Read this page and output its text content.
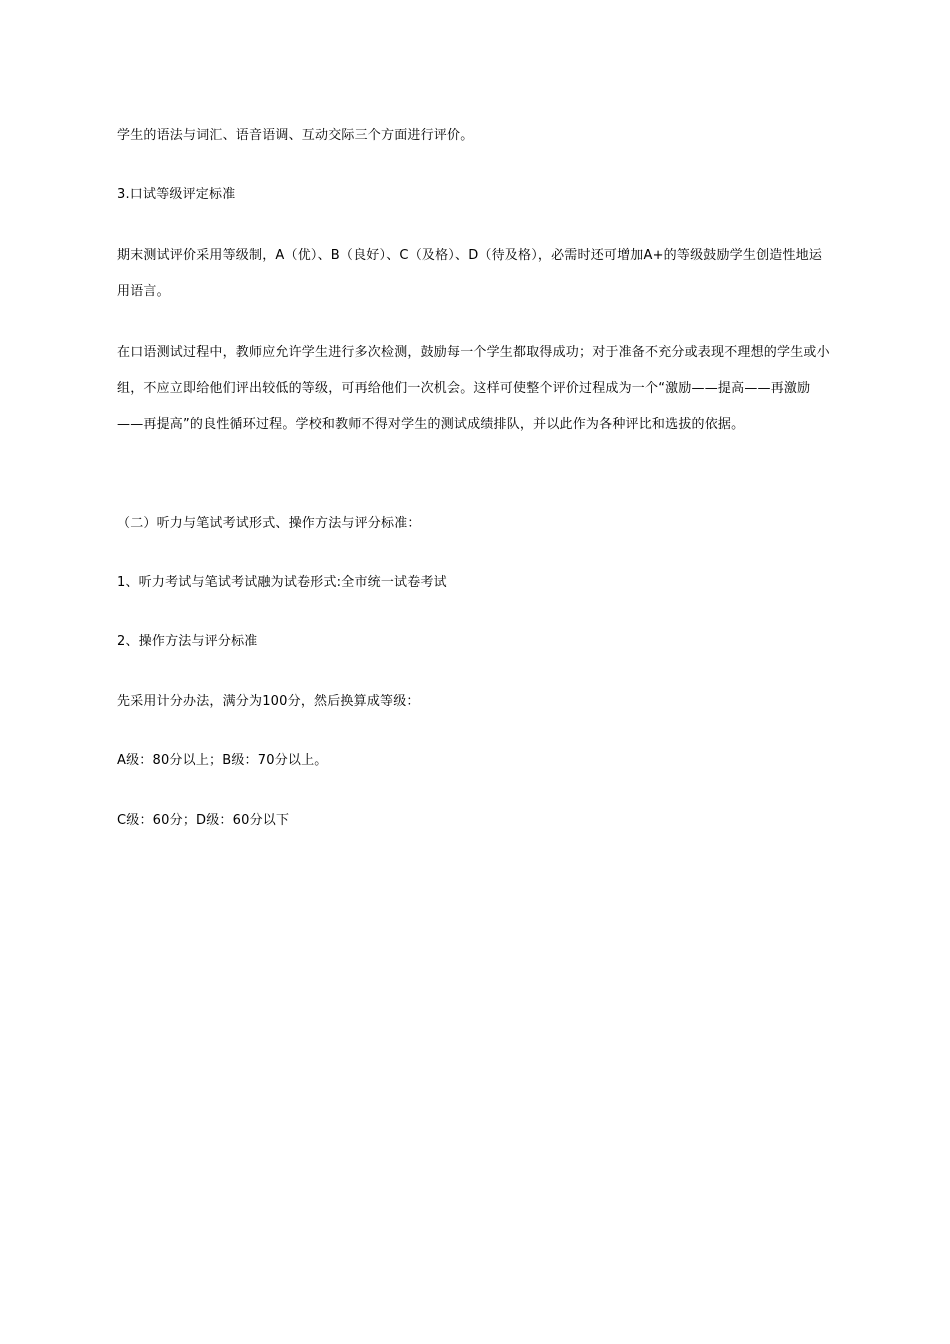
学生的语法与词汇、语音语调、互动交际三个方面进行评价。

3.口试等级评定标准

期末测试评价采用等级制，A（优）、B（良好）、C（及格）、D（待及格），必需时还可增加A+的等级鼓励学生创造性地运用语言。

在口语测试过程中，教师应允许学生进行多次检测，鼓励每一个学生都取得成功；对于准备不充分或表现不理想的学生或小组，不应立即给他们评出较低的等级，可再给他们一次机会。这样可使整个评价过程成为一个“激励——提高——再激励——再提高”的良性循环过程。学校和教师不得对学生的测试成绩排队，并以此作为各种评比和选拔的依据。

（二）听力与笔试考试形式、操作方法与评分标准：

1、听力考试与笔试考试融为试卷形式:全市统一试卷考试

2、操作方法与评分标准

先采用计分办法，满分为100分，然后换算成等级：

A级：80分以上；B级：70分以上。

C级：60分；D级：60分以下
